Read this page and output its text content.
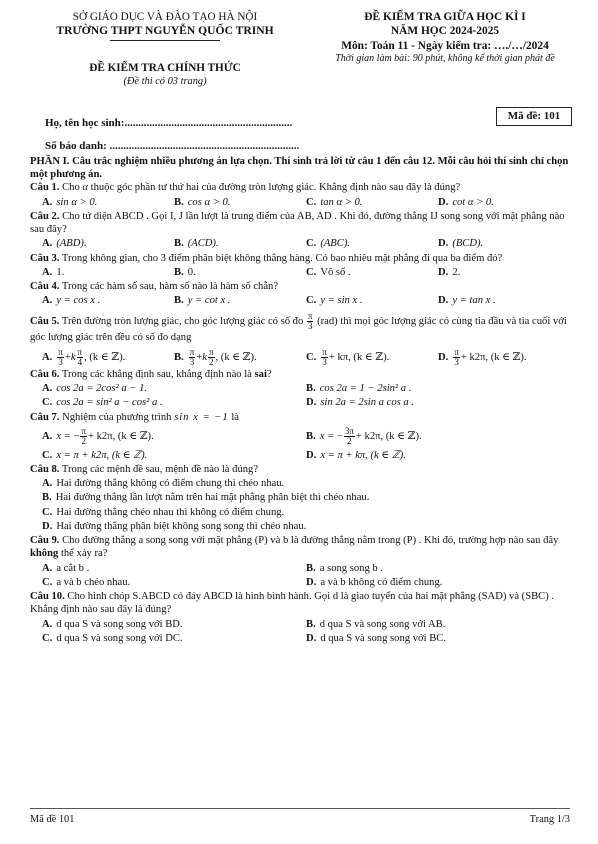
SỞ GIÁO DỤC VÀ ĐÀO TẠO HÀ NỘI
TRƯỜNG THPT NGUYỄN QUỐC TRINH
ĐỀ KIỂM TRA CHÍNH THỨC
(Đề thi có 03 trang)
ĐỀ KIỂM TRA GIỮA HỌC KÌ I
NĂM HỌC 2024-2025
Môn: Toán 11 - Ngày kiểm tra: …./…/2024
Thời gian làm bài: 90 phút, không kể thời gian phát đề
Họ, tên học sinh:.............................................................
Số báo danh: .....................................................................
Mã đề: 101

PHẦN I. Câu trắc nghiệm nhiều phương án lựa chọn. Thí sinh trả lời từ câu 1 đến câu 12. Mỗi câu hỏi thí sinh chỉ chọn một phương án.

Câu 1. Cho α thuộc góc phần tư thứ hai của đường tròn lượng giác. Khẳng định nào sau đây là đúng?

A. sin α > 0.	B. cos α > 0.	C. tan α > 0.	D. cot α > 0.

Câu 2. Cho tứ diện ABCD . Gọi I, J lần lượt là trung điểm của AB, AD . Khi đó, đường thẳng IJ song song với mặt phẳng nào sau đây?

A. (ABD).	B. (ACD).	C. (ABC).	D. (BCD).

Câu 3. Trong không gian, cho 3 điểm phân biệt không thẳng hàng. Có bao nhiêu mặt phẳng đi qua ba điểm đó?

A. 1.	B. 0.	C. Vô số .	D. 2.

Câu 4. Trong các hàm số sau, hàm số nào là hàm số chẵn?

A. y = cos x .	B. y = cot x .	C. y = sin x .	D. y = tan x .

Câu 5. Trên đường tròn lượng giác, cho góc lượng giác có số đo $\frac{\pi}{3} (rad)$ thì mọi góc lượng giác có cùng tia đầu và tia cuối với góc lượng giác trên đều có số đo dạng

A. $\frac{\pi}{3} +k \frac{\pi}{4}$ , (k ∈ ℤ).	B. $\frac{\pi}{3} +k \frac{\pi}{2}$ , (k ∈ ℤ).	C. $\frac{\pi}{3} + k\pi$, (k ∈ ℤ).	D. $\frac{\pi}{3} + k2\pi$, (k ∈ ℤ).

Câu 6. Trong các khẳng định sau, khẳng định nào là sai?

A. cos 2a = 2cos² a − 1.	B. cos 2a = 1 − 2sin² a .
C. cos 2a = sin² a − cos² a .	D. sin 2a = 2sin a cos a .

Câu 7. Nghiệm của phương trình sin x = −1 là

A. x = − $\frac{\pi}{2} + k2\pi$, (k ∈ ℤ).	B. x = − $\frac{3\pi}{2} + k2\pi$, (k ∈ ℤ).
C. x = π + k2π, (k ∈ ℤ).	D. x = π + kπ, (k ∈ ℤ).

Câu 8. Trong các mệnh đề sau, mệnh đề nào là đúng?

A. Hai đường thẳng không có điểm chung thì chéo nhau.
B. Hai đường thẳng lần lượt nằm trên hai mặt phẳng phân biệt thì chéo nhau.
C. Hai đường thẳng chéo nhau thì không có điểm chung.
D. Hai đường thẳng phân biệt không song song thì chéo nhau.

Câu 9. Cho đường thẳng a song song với mặt phẳng (P) và b là đường thẳng nằm trong (P) . Khi đó, trường hợp nào sau đây không thể xảy ra?

A. a cắt b .	B. a song song b .
C. a và b chéo nhau.	D. a và b không có điểm chung.

Câu 10. Cho hình chóp S.ABCD có đáy ABCD là hình bình hành. Gọi d là giao tuyến của hai mặt phẳng (SAD) và (SBC) . Khẳng định nào sau đây là đúng?

A. d qua S và song song với BD.	B. d qua S và song song với AB.
C. d qua S và song song với DC.	D. d qua S và song song với BC.
Mã đề 101	Trang 1/3
